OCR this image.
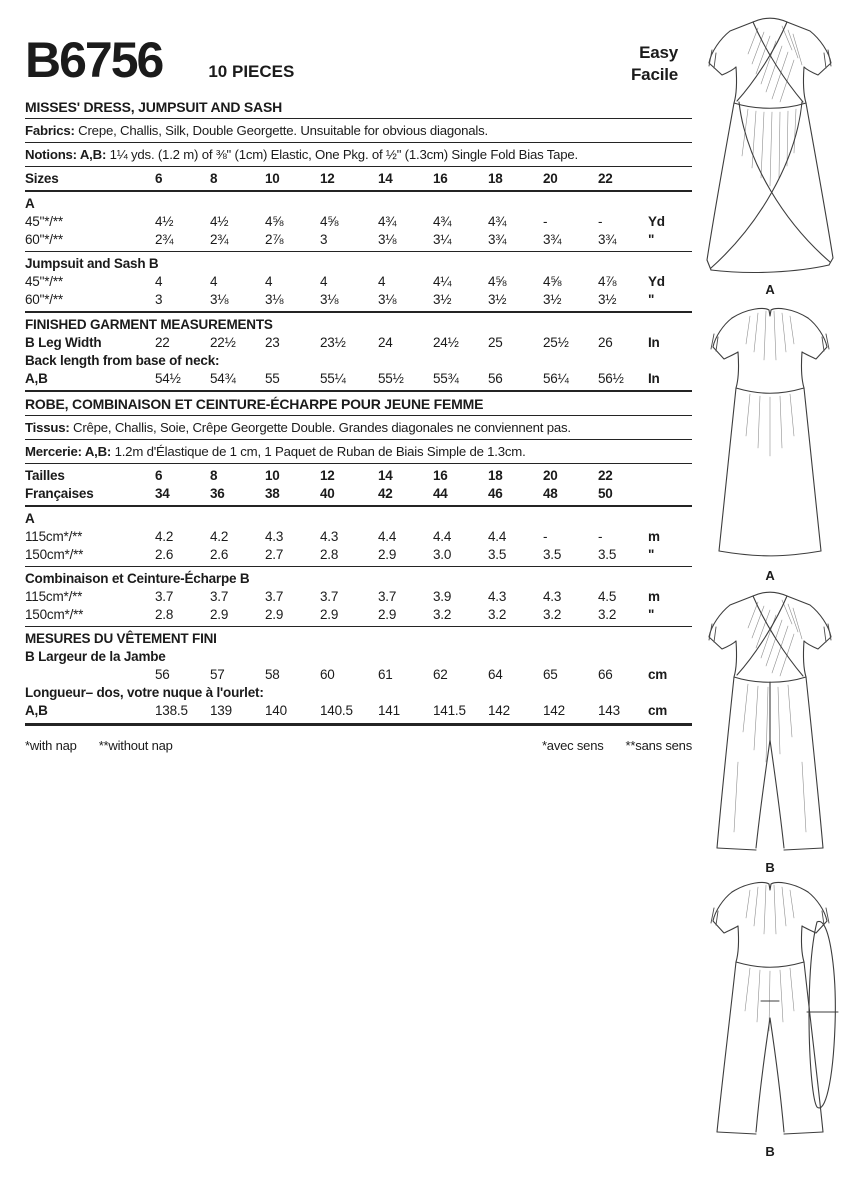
B6756	10 PIECES
Easy
Facile
MISSES' DRESS, JUMPSUIT AND SASH
Fabrics: Crepe, Challis, Silk, Double Georgette. Unsuitable for obvious diagonals.
Notions: A,B: 1¼ yds. (1.2 m) of ⅜" (1cm) Elastic, One Pkg. of ½" (1.3cm) Single Fold Bias Tape.
Sizes	6	8	10	12	14	16	18	20	22
A
45"*/**	4½	4½	4⅝	4⅝	4¾	4¾	4¾	-	-	Yd
60"*/**	2¾	2¾	2⅞	3	3⅛	3¼	3¾	3¾	3¾	"
Jumpsuit and Sash B
45"*/**	4	4	4	4	4	4¼	4⅝	4⅝	4⅞	Yd
60"*/**	3	3⅛	3⅛	3⅛	3⅛	3½	3½	3½	3½	"
FINISHED GARMENT MEASUREMENTS
B Leg Width	22	22½	23	23½	24	24½	25	25½	26	In
Back length from base of neck:
A,B	54½	54¾	55	55¼	55½	55¾	56	56¼	56½	In
ROBE, COMBINAISON ET CEINTURE-ÉCHARPE POUR JEUNE FEMME
Tissus: Crêpe, Challis, Soie, Crêpe Georgette Double. Grandes diagonales ne conviennent pas.
Mercerie: A,B: 1.2m d'Élastique de 1 cm, 1 Paquet de Ruban de Biais Simple de 1.3cm.
Tailles	6	8	10	12	14	16	18	20	22
Françaises	34	36	38	40	42	44	46	48	50
A
115cm*/**	4.2	4.2	4.3	4.3	4.4	4.4	4.4	-	-	m
150cm*/**	2.6	2.6	2.7	2.8	2.9	3.0	3.5	3.5	3.5	"
Combinaison et Ceinture-Écharpe B
115cm*/**	3.7	3.7	3.7	3.7	3.7	3.9	4.3	4.3	4.5	m
150cm*/**	2.8	2.9	2.9	2.9	2.9	3.2	3.2	3.2	3.2	"
MESURES DU VÊTEMENT FINI
B Largeur de la Jambe
56	57	58	60	61	62	64	65	66	cm
Longueur– dos, votre nuque à l'ourlet:
A,B	138.5	139	140	140.5	141	141.5	142	142	143	cm
*with nap **without nap	*avec sens **sans sens
A
A
B
B
